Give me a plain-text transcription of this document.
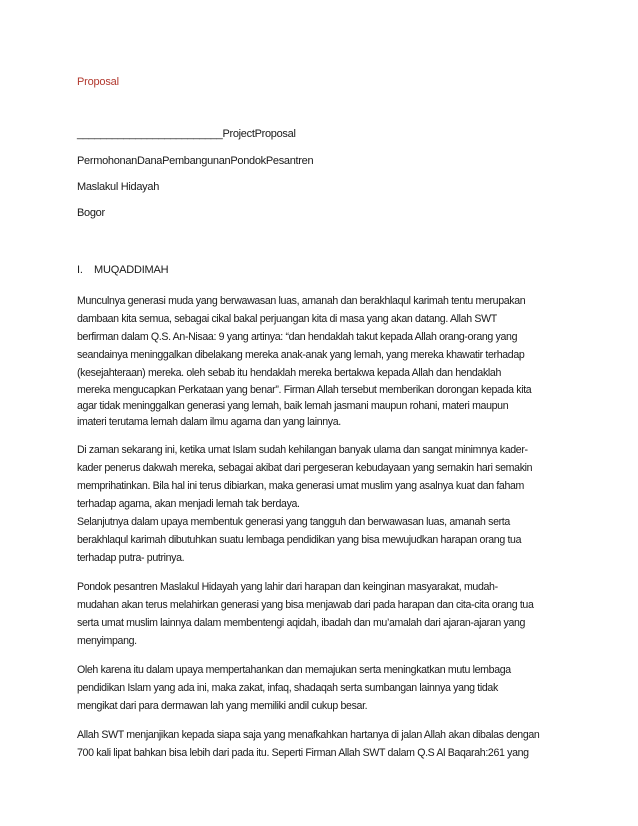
Proposal
_________________________ProjectProposal
PermohonanDanaPembangunanPondokPesantren
Maslakul Hidayah
Bogor
I. MUQADDIMAH
Munculnya generasi muda yang berwawasan luas, amanah dan berakhlaqul karimah tentu merupakan
dambaan kita semua, sebagai cikal bakal perjuangan kita di masa yang akan datang. Allah SWT
berfirman dalam Q.S. An-Nisaa: 9 yang artinya: “dan hendaklah takut kepada Allah orang-orang yang
seandainya meninggalkan dibelakang mereka anak-anak yang lemah, yang mereka khawatir terhadap
(kesejahteraan) mereka. oleh sebab itu hendaklah mereka bertakwa kepada Allah dan hendaklah
mereka mengucapkan Perkataan yang benar”. Firman Allah tersebut memberikan dorongan kepada kita
agar tidak meninggalkan generasi yang lemah, baik lemah jasmani maupun rohani, materi maupun
imateri terutama lemah dalam ilmu agama dan yang lainnya.
Di zaman sekarang ini, ketika umat Islam sudah kehilangan banyak ulama dan sangat minimnya kader-
kader penerus dakwah mereka, sebagai akibat dari pergeseran kebudayaan yang semakin hari semakin
memprihatinkan. Bila hal ini terus dibiarkan, maka generasi umat muslim yang asalnya kuat dan faham
terhadap agama, akan menjadi lemah tak berdaya.
Selanjutnya dalam upaya membentuk generasi yang tangguh dan berwawasan luas, amanah serta
berakhlaqul karimah dibutuhkan suatu lembaga pendidikan yang bisa mewujudkan harapan orang tua
terhadap putra- putrinya.
Pondok pesantren Maslakul Hidayah yang lahir dari harapan dan keinginan masyarakat, mudah-
mudahan akan terus melahirkan generasi yang bisa menjawab dari pada harapan dan cita-cita orang tua
serta umat muslim lainnya dalam membentengi aqidah, ibadah dan mu’amalah dari ajaran-ajaran yang
menyimpang.
Oleh karena itu dalam upaya mempertahankan dan memajukan serta meningkatkan mutu lembaga
pendidikan Islam yang ada ini, maka zakat, infaq, shadaqah serta sumbangan lainnya yang tidak
mengikat dari para dermawan lah yang memiliki andil cukup besar.
Allah SWT menjanjikan kepada siapa saja yang menafkahkan hartanya di jalan Allah akan dibalas dengan
700 kali lipat bahkan bisa lebih dari pada itu. Seperti Firman Allah SWT dalam Q.S Al Baqarah:261 yang
